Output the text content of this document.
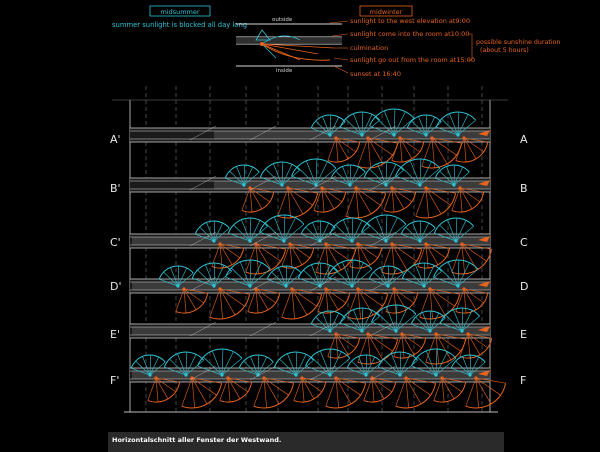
midsummer	midwinter
summer sunlight is blocked all day long
outside
inside
sunlight to the west elevation at9:00
sunlight come into the room at10:00
culmination
sunlight go out from the room at15:00
sunset at 16:40
possible sunshine duration
(about 5 hours)
A'	A
B'	B
C'	C
D'	D
E'	E
F'	F
Horizontalschnitt aller Fenster der Westwand.
